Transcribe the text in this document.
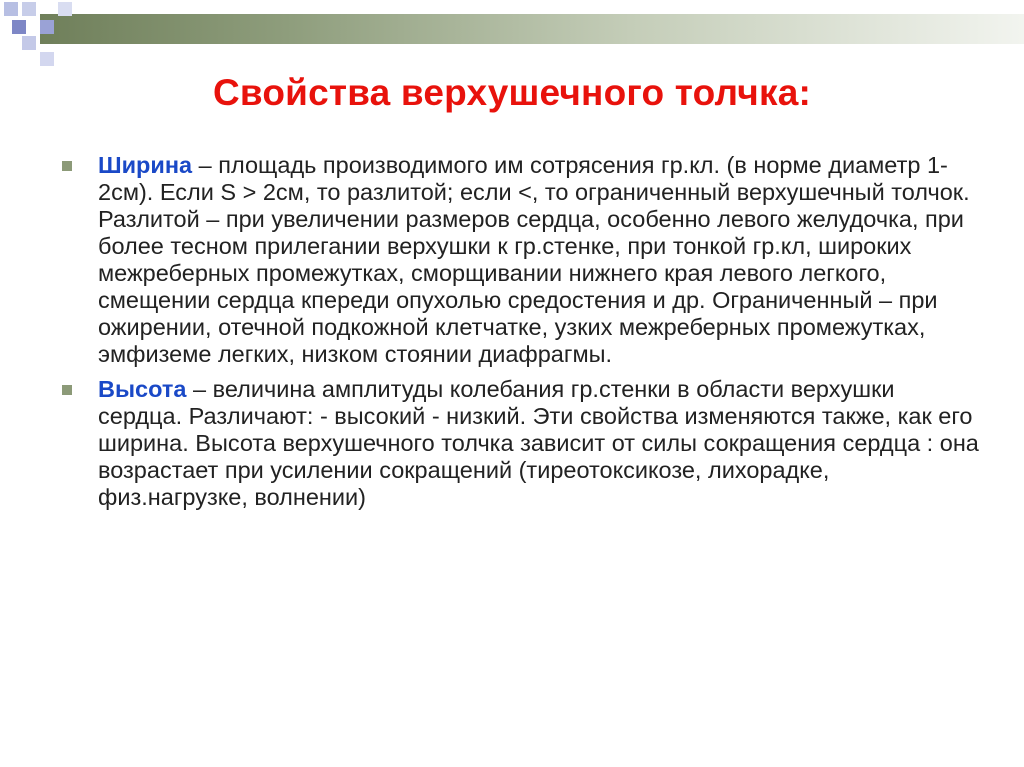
Свойства верхушечного толчка:
Ширина – площадь производимого им сотрясения гр.кл. (в норме диаметр 1-2см). Если S > 2см, то разлитой; если <, то ограниченный верхушечный толчок. Разлитой – при увеличении размеров сердца, особенно левого желудочка, при более тесном прилегании верхушки к гр.стенке, при тонкой гр.кл, широких межреберных промежутках, сморщивании нижнего края левого легкого, смещении сердца кпереди опухолью средостения и др. Ограниченный – при ожирении, отечной подкожной клетчатке, узких межреберных промежутках, эмфиземе легких, низком стоянии диафрагмы.
Высота – величина амплитуды колебания гр.стенки в области верхушки сердца. Различают: - высокий - низкий. Эти свойства изменяются также, как его ширина. Высота верхушечного толчка зависит от силы сокращения сердца : она возрастает при усилении сокращений (тиреотоксикозе, лихорадке, физ.нагрузке, волнении)
